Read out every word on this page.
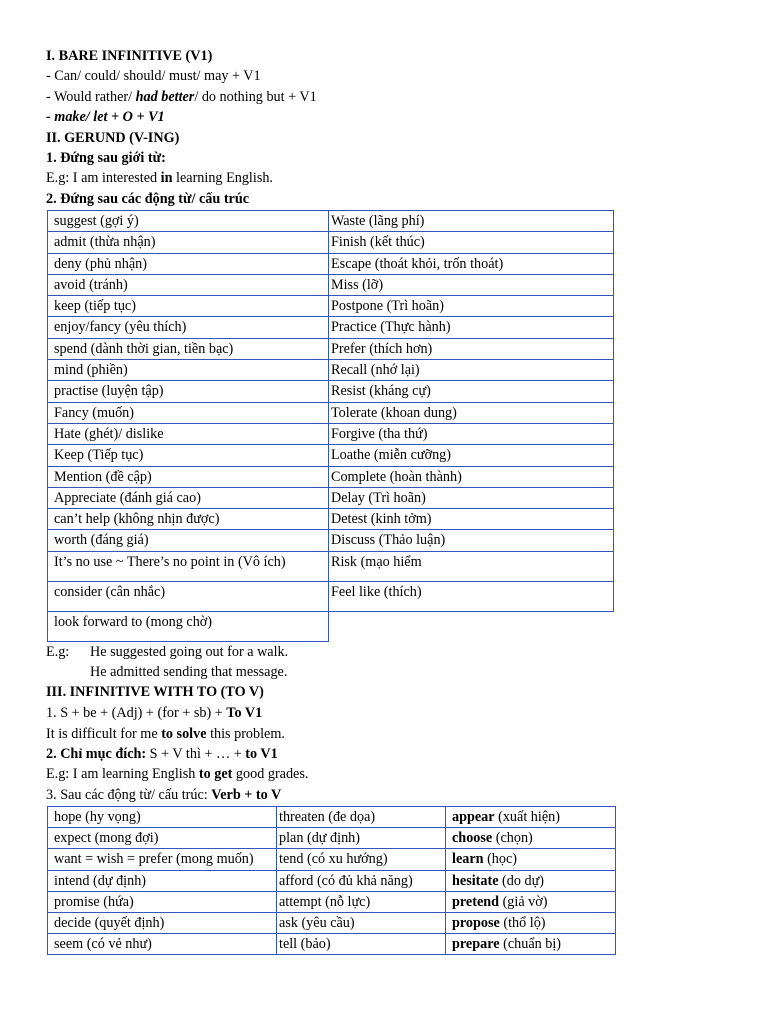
I. BARE INFINITIVE (V1)
- Can/ could/ should/ must/ may + V1
- Would rather/ had better/ do nothing but + V1
- make/ let + O + V1
II. GERUND (V-ING)
1. Đứng sau giới từ:
E.g: I am interested in learning English.
2. Đứng sau các động từ/ cấu trúc
suggest (gợi ý)	Waste (lãng phí)
admit (thừa nhận)	Finish (kết thúc)
deny (phủ nhận)	Escape (thoát khỏi, trốn thoát)
avoid (tránh)	Miss (lỡ)
keep (tiếp tục)	Postpone (Trì hoãn)
enjoy/fancy (yêu thích)	Practice (Thực hành)
spend (dành thời gian, tiền bạc)	Prefer (thích hơn)
mind (phiền)	Recall (nhớ lại)
practise (luyện tập)	Resist (kháng cự)
Fancy (muốn)	Tolerate (khoan dung)
Hate (ghét)/ dislike	Forgive (tha thứ)
Keep (Tiếp tục)	Loathe (miễn cưỡng)
Mention (đề cập)	Complete (hoàn thành)
Appreciate (đánh giá cao)	Delay (Trì hoãn)
can’t help (không nhịn được)	Detest (kinh tởm)
worth (đáng giá)	Discuss (Thảo luận)
It’s no use ~ There’s no point in (Vô ích)	Risk (mạo hiểm
consider (cân nhắc)	Feel like (thích)
look forward to (mong chờ)	
E.g: He suggested going out for a walk.
He admitted sending that message.
III. INFINITIVE WITH TO (TO V)
1. S + be + (Adj) + (for + sb) + To V1
It is difficult for me to solve this problem.
2. Chỉ mục đích: S + V thì + … + to V1
E.g: I am learning English to get good grades.
3. Sau các động từ/ cấu trúc: Verb + to V
hope (hy vọng)	threaten (đe dọa)	appear (xuất hiện)
expect (mong đợi)	plan (dự định)	choose (chọn)
want = wish = prefer (mong muốn)	tend (có xu hướng)	learn (học)
intend (dự định)	afford (có đủ khả năng)	hesitate (do dự)
promise (hứa)	attempt (nỗ lực)	pretend (giả vờ)
decide (quyết định)	ask (yêu cầu)	propose (thổ lộ)
seem (có vẻ như)	tell (bảo)	prepare (chuẩn bị)
